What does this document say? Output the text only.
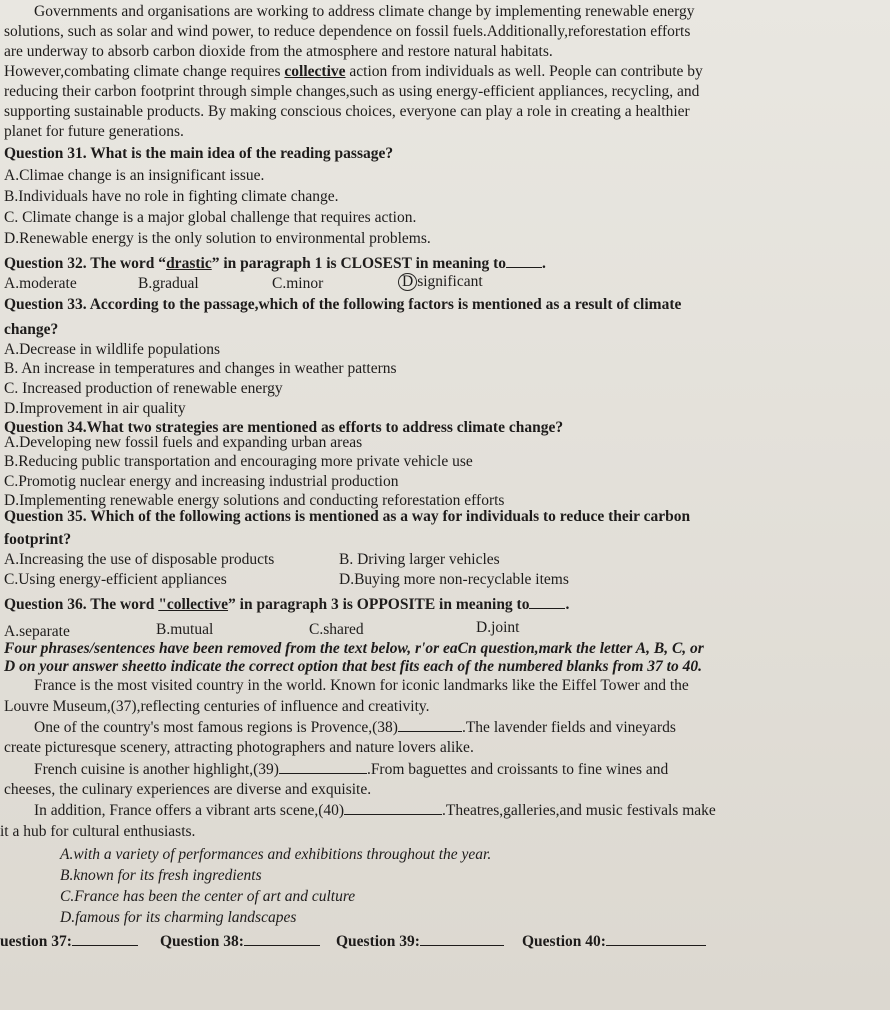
Governments and organisations are working to address climate change by implementing renewable energy
solutions, such as solar and wind power, to reduce dependence on fossil fuels.Additionally,reforestation efforts
are underway to absorb carbon dioxide from the atmosphere and restore natural habitats.
However,combating climate change requires collective action from individuals as well. People can contribute by
reducing their carbon footprint through simple changes,such as using energy-efficient appliances, recycling, and
supporting sustainable products. By making conscious choices, everyone can play a role in creating a healthier
planet for future generations.
Question 31. What is the main idea of the reading passage?
A.Climae change is an insignificant issue.
B.Individuals have no role in fighting climate change.
C. Climate change is a major global challenge that requires action.
D.Renewable energy is the only solution to environmental problems.
Question 32. The word “drastic” in paragraph 1 is CLOSEST in meaning to .
A.moderate	B.gradual	C.minor	D significant
Question 33. According to the passage,which of the following factors is mentioned as a result of climate
change?
A.Decrease in wildlife populations
B. An increase in temperatures and changes in weather patterns
C. Increased production of renewable energy
D.Improvement in air quality
Question 34.What two strategies are mentioned as efforts to address climate change?
A.Developing new fossil fuels and expanding urban areas
B.Reducing public transportation and encouraging more private vehicle use
C.Promotig nuclear energy and increasing industrial production
D.Implementing renewable energy solutions and conducting reforestation efforts
Question 35. Which of the following actions is mentioned as a way for individuals to reduce their carbon
footprint?
A.Increasing the use of disposable products	B. Driving larger vehicles
C.Using energy-efficient appliances	D.Buying more non-recyclable items
Question 36. The word "collective” in paragraph 3 is OPPOSITE in meaning to .
A.separate	B.mutual	C.shared	D.joint
Four phrases/sentences have been removed from the text below, r'or eaCn question,mark the letter A, B, C, or
D on your answer sheetto indicate the correct option that best fits each of the numbered blanks from 37 to 40.
France is the most visited country in the world. Known for iconic landmarks like the Eiffel Tower and the
Louvre Museum,(37),reflecting centuries of influence and creativity.
One of the country's most famous regions is Provence,(38)	.The lavender fields and vineyards
create picturesque scenery, attracting photographers and nature lovers alike.
French cuisine is another highlight,(39)	.From baguettes and croissants to fine wines and
cheeses, the culinary experiences are diverse and exquisite.
In addition, France offers a vibrant arts scene,(40)	.Theatres,galleries,and music festivals make
it a hub for cultural enthusiasts.
A.with a variety of performances and exhibitions throughout the year.
B.known for its fresh ingredients
C.France has been the center of art and culture
D.famous for its charming landscapes
uestion 37:	Question 38:	Question 39:	Question 40:
